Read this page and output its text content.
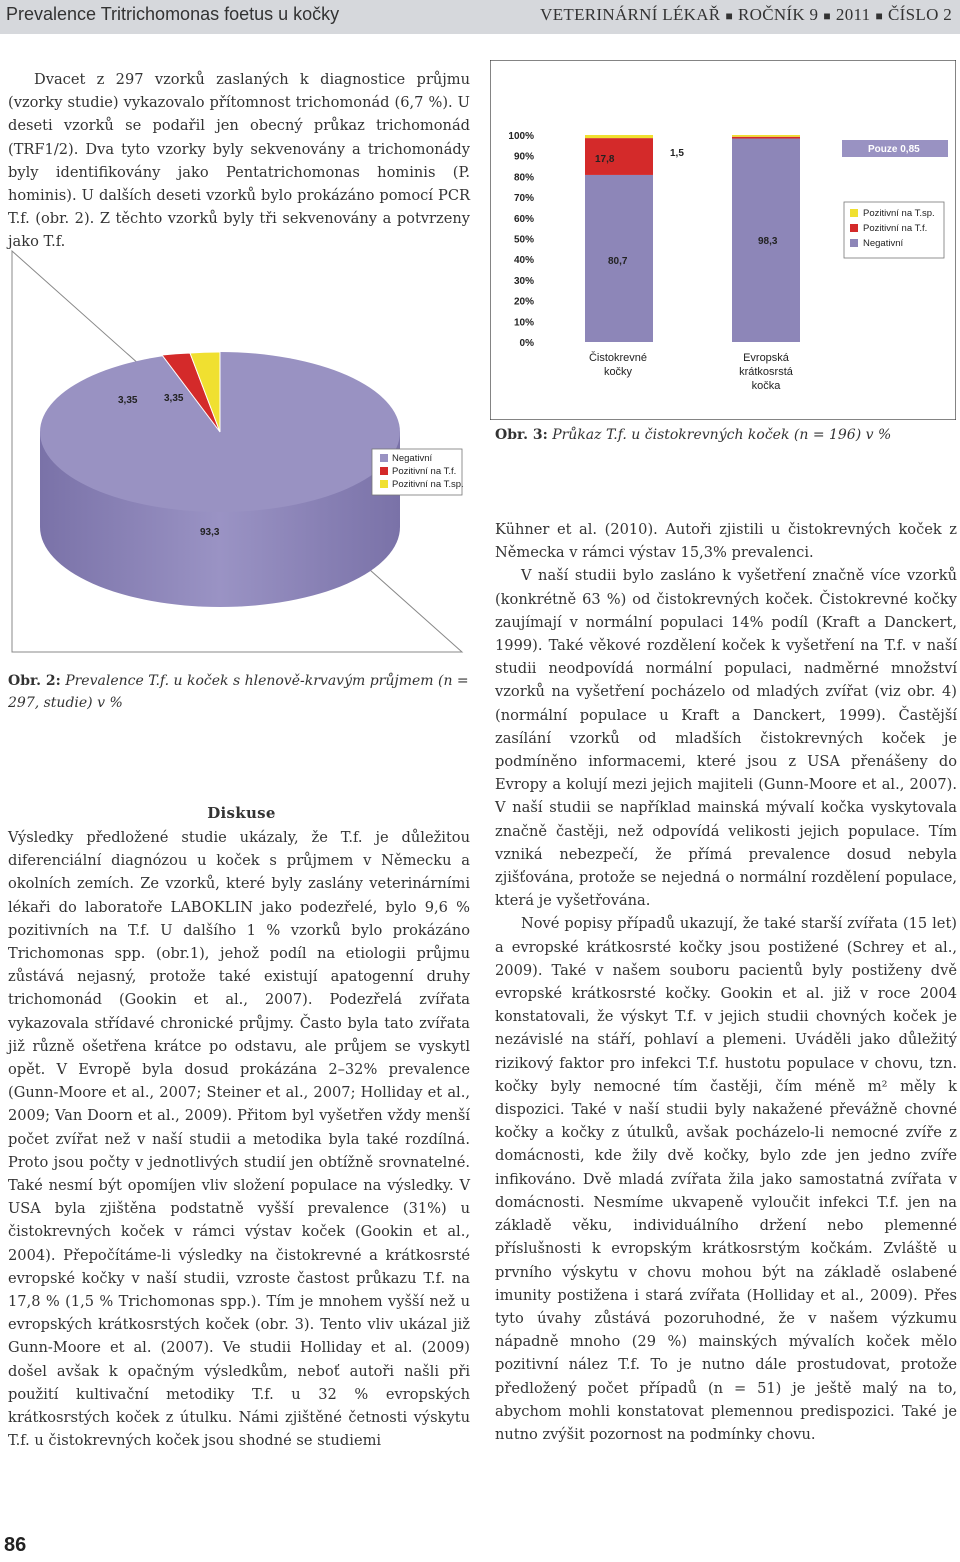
Prevalence Tritrichomonas foetus u kočky	VETERINÁRNÍ LÉKAŘ ■ ROČNÍK 9 ■ 2011 ■ ČÍSLO 2

Dvacet z 297 vzorků zaslaných k diagnostice průjmu (vzorky studie) vykazovalo přítomnost trichomonád (6,7 %). U deseti vzorků se podařil jen obecný průkaz trichomonád (TRF1/2). Dva tyto vzorky byly sekvenovány a trichomonády byly identifikovány jako Pentatrichomonas hominis (P. hominis). U dalších deseti vzorků bylo prokázáno pomocí PCR T.f. (obr. 2). Z těchto vzorků byly tři sekvenovány a potvrzeny jako T.f.

3,35	3,35
93,3
Negativní
Pozitivní na T.f.
Pozitivní na T.sp.
Obr. 2: Prevalence T.f. u koček s hlenově-krvavým průjmem (n = 297, studie) v %
0%
10%
20%
30%
40%
50%
60%
70%
80%
90%
100%
17,8
1,5
80,7
98,3
Pouze 0,85
Pozitivní na T.sp.
Pozitivní na T.f.
Negativní
Čistokrevné
kočky
Evropská
krátkosrstá
kočka
Obr. 3: Průkaz T.f. u čistokrevných koček (n = 196) v %
Diskuse

Výsledky předložené studie ukázaly, že T.f. je důležitou diferenciální diagnózou u koček s průjmem v Německu a okolních zemích. Ze vzorků, které byly zaslány veterinárními lékaři do laboratoře LABOKLIN jako podezřelé, bylo 9,6 % pozitivních na T.f. U dalšího 1 % vzorků bylo prokázáno Trichomonas spp. (obr.1), jehož podíl na etiologii průjmu zůstává nejasný, protože také existují apatogenní druhy trichomonád (Gookin et al., 2007). Podezřelá zvířata vykazovala střídavé chronické průjmy. Často byla tato zvířata již různě ošetřena krátce po odstavu, ale průjem se vyskytl opět. V Evropě byla dosud prokázána 2–32% prevalence (Gunn-Moore et al., 2007; Steiner et al., 2007; Holliday et al., 2009; Van Doorn et al., 2009). Přitom byl vyšetřen vždy menší počet zvířat než v naší studii a metodika byla také rozdílná. Proto jsou počty v jednotlivých studií jen obtížně srovnatelné. Také nesmí být opomíjen vliv složení populace na výsledky. V USA byla zjištěna podstatně vyšší prevalence (31%) u čistokrevných koček v rámci výstav koček (Gookin et al., 2004). Přepočítáme-li výsledky na čistokrevné a krátkosrsté evropské kočky v naší studii, vzroste častost průkazu T.f. na 17,8 % (1,5 % Trichomonas spp.). Tím je mnohem vyšší než u evropských krátkosrstých koček (obr. 3). Tento vliv ukázal již Gunn-Moore et al. (2007). Ve studii Holliday et al. (2009) došel avšak k opačným výsledkům, neboť autoři našli při použití kultivační metodiky T.f. u 32 % evropských krátkosrstých koček z útulku. Námi zjištěné četnosti výskytu T.f. u čistokrevných koček jsou shodné se studiemi

Kühner et al. (2010). Autoři zjistili u čistokrevných koček z Německa v rámci výstav 15,3% prevalenci.

V naší studii bylo zasláno k vyšetření značně více vzorků (konkrétně 63 %) od čistokrevných koček. Čistokrevné kočky zaujímají v normální populaci 14% podíl (Kraft a Danckert, 1999). Také věkové rozdělení koček k vyšetření na T.f. v naší studii neodpovídá normální populaci, nadměrné množství vzorků na vyšetření pocházelo od mladých zvířat (viz obr. 4) (normální populace u Kraft a Danckert, 1999). Častější zasílání vzorků od mladších čistokrevných koček je podmíněno informacemi, které jsou z USA přenášeny do Evropy a kolují mezi jejich majiteli (Gunn-Moore et al., 2007). V naší studii se například mainská mývalí kočka vyskytovala značně častěji, než odpovídá velikosti jejich populace. Tím vzniká nebezpečí, že přímá prevalence dosud nebyla zjišťována, protože se nejedná o normální rozdělení populace, která je vyšetřována.

Nové popisy případů ukazují, že také starší zvířata (15 let) a evropské krátkosrsté kočky jsou postižené (Schrey et al., 2009). Také v našem souboru pacientů byly postiženy dvě evropské krátkosrsté kočky. Gookin et al. již v roce 2004 konstatovali, že výskyt T.f. v jejich studii chovných koček je nezávislé na stáří, pohlaví a plemeni. Uváděli jako důležitý rizikový faktor pro infekci T.f. hustotu populace v chovu, tzn. kočky byly nemocné tím častěji, čím méně m² měly k dispozici. Také v naší studii byly nakažené převážně chovné kočky a kočky z útulků, avšak pocházelo-li nemocné zvíře z domácnosti, kde žily dvě kočky, bylo zde jen jedno zvíře infikováno. Dvě mladá zvířata žila jako samostatná zvířata v domácnosti. Nesmíme ukvapeně vyloučit infekci T.f. jen na základě věku, individuálního držení nebo plemenné příslušnosti k evropským krátkosrstým kočkám. Zvláště u prvního výskytu v chovu mohou být na základě oslabené imunity postižena i stará zvířata (Holliday et al., 2009). Přes tyto úvahy zůstává pozoruhodné, že v našem výzkumu nápadně mnoho (29 %) mainských mývalích koček mělo pozitivní nález T.f. To je nutno dále prostudovat, protože předložený počet případů (n = 51) je ještě malý na to, abychom mohli konstatovat plemennou predispozici. Také je nutno zvýšit pozornost na podmínky chovu.

86
